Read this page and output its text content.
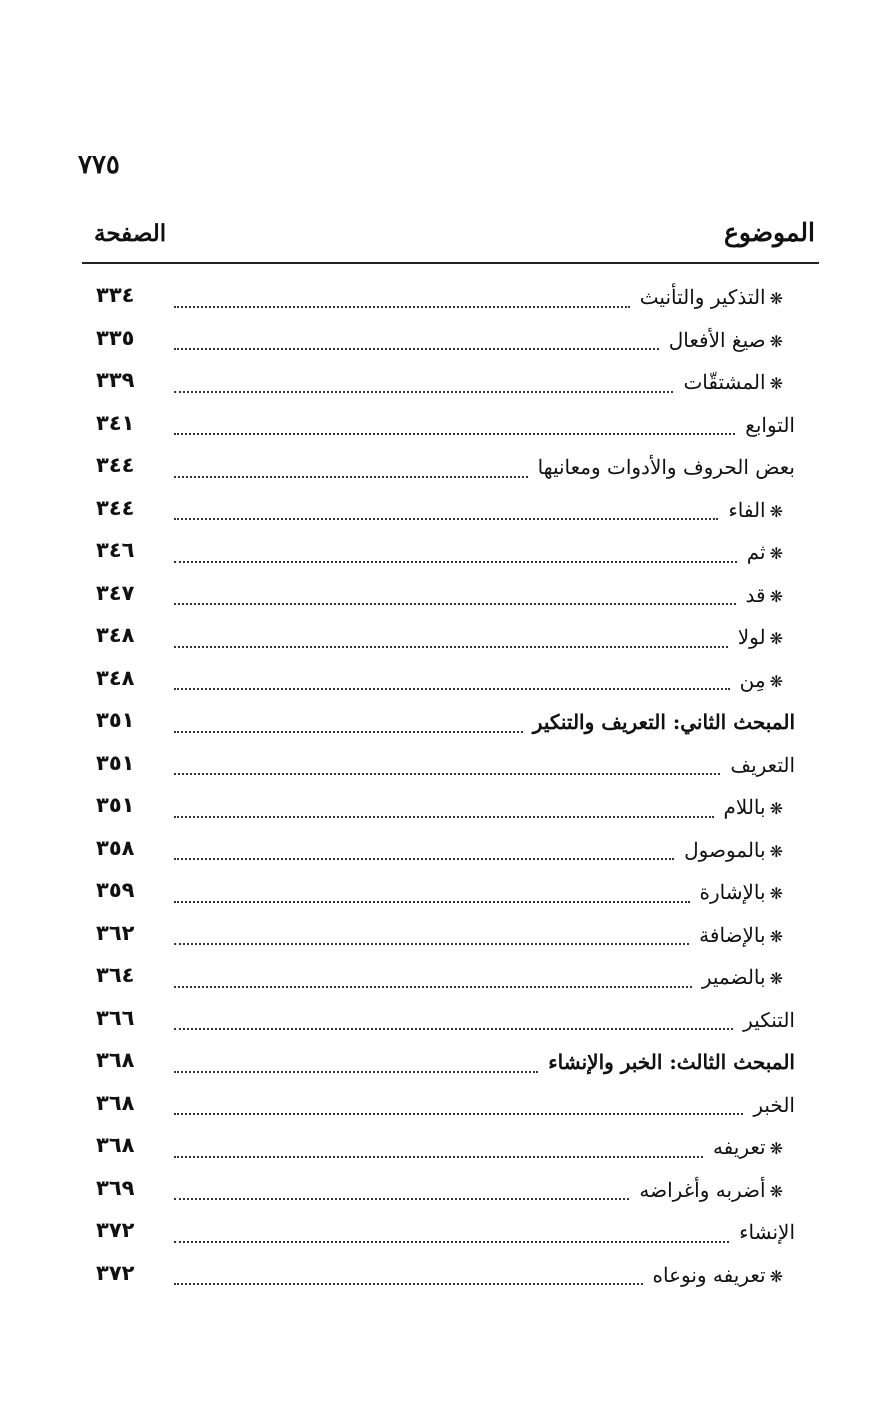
٧٧٥
الموضوع
الصفحة
٣٣٤	❋التذكير والتأنيث
٣٣٥	❋صيغ الأفعال
٣٣٩	❋المشتقّات
٣٤١	التوابع
٣٤٤	بعض الحروف والأدوات ومعانيها
٣٤٤	❋الفاء
٣٤٦	❋ثم
٣٤٧	❋قد
٣٤٨	❋لولا
٣٤٨	❋مِن
٣٥١	المبحث الثاني: التعريف والتنكير
٣٥١	التعريف
٣٥١	❋باللام
٣٥٨	❋بالموصول
٣٥٩	❋بالإشارة
٣٦٢	❋بالإضافة
٣٦٤	❋بالضمير
٣٦٦	التنكير
٣٦٨	المبحث الثالث: الخبر والإنشاء
٣٦٨	الخبر
٣٦٨	❋تعريفه
٣٦٩	❋أضربه وأغراضه
٣٧٢	الإنشاء
٣٧٢	❋تعريفه ونوعاه
